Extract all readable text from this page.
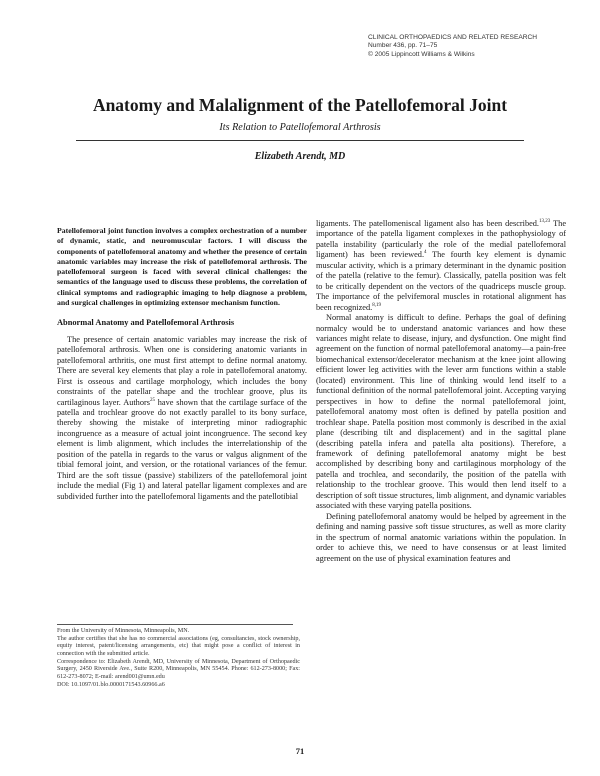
CLINICAL ORTHOPAEDICS AND RELATED RESEARCH
Number 436, pp. 71–75
© 2005 Lippincott Williams & Wilkins
Anatomy and Malalignment of the Patellofemoral Joint
Its Relation to Patellofemoral Arthrosis
Elizabeth Arendt, MD
Patellofemoral joint function involves a complex orchestration of a number of dynamic, static, and neuromuscular factors. I will discuss the components of patellofemoral anatomy and whether the presence of certain anatomic variables may increase the risk of patellofemoral arthrosis. The patellofemoral surgeon is faced with several clinical challenges: the semantics of the language used to discuss these problems, the correlation of clinical symptoms and radiographic imaging to help diagnose a problem, and surgical challenges in optimizing extensor mechanism function.
Abnormal Anatomy and Patellofemoral Arthrosis
The presence of certain anatomic variables may increase the risk of patellofemoral arthrosis. When one is considering anatomic variants in patellofemoral arthritis, one must first attempt to define normal anatomy. There are several key elements that play a role in patellofemoral anatomy. First is osseous and cartilage morphology, which includes the bony constraints of the patellar shape and the trochlear groove, plus its cartilaginous layer. Authors$^{25}$ have shown that the cartilage surface of the patella and trochlear groove do not exactly parallel to its bony surface, thereby showing the mistake of interpreting minor radiographic incongruence as a measure of actual joint incongruence. The second key element is limb alignment, which includes the interrelationship of the position of the patella in regards to the varus or valgus alignment of the tibial femoral joint, and version, or the rotational variances of the femur. Third are the soft tissue (passive) stabilizers of the patellofemoral joint include the medial (Fig 1) and lateral patellar ligament complexes and are subdivided further into the patellofemoral ligaments and the patellotibial
ligaments. The patellomeniscal ligament also has been described.$^{13,23}$ The importance of the patella ligament complexes in the pathophysiology of patella instability (particularly the role of the medial patellofemoral ligament) has been reviewed.$^4$ The fourth key element is dynamic muscular activity, which is a primary determinant in the dynamic position of the patella (relative to the femur). Classically, patella position was felt to be critically dependent on the vectors of the quadriceps muscle group. The importance of the pelvifemoral muscles in rotational alignment has been recognized.$^{8,19}$
Normal anatomy is difficult to define. Perhaps the goal of defining normalcy would be to understand anatomic variances and how these variances might relate to disease, injury, and dysfunction. One might find agreement on the function of normal patellofemoral anatomy—a pain-free biomechanical extensor/decelerator mechanism at the knee joint allowing efficient lower leg activities with the lever arm functions within a stable (located) environment. This line of thinking would lend itself to a functional definition of the normal patellofemoral joint. Accepting varying perspectives in how to define the normal patellofemoral joint, patellofemoral anatomy most often is defined by patella position and trochlear shape. Patella position most commonly is described in the axial plane (describing tilt and displacement) and in the sagittal plane (describing patella infera and patella alta positions). Therefore, a framework of defining patellofemoral anatomy might be best accomplished by describing bony and cartilaginous morphology of the patella and trochlea, and secondarily, the position of the patella with relationship to the trochlear groove. This would then lend itself to a description of soft tissue structures, limb alignment, and dynamic variables associated with these varying patella positions.
Defining patellofemoral anatomy would be helped by agreement in the defining and naming passive soft tissue structures, as well as more clarity in the spectrum of normal anatomic variations within the population. In order to achieve this, we need to have consensus or at least limited agreement on the use of physical examination features and
From the University of Minnesota, Minneapolis, MN.
The author certifies that she has no commercial associations (eg, consultancies, stock ownership, equity interest, patent/licensing arrangements, etc) that might pose a conflict of interest in connection with the submitted article.
Correspondence to: Elizabeth Arendt, MD, University of Minnesota, Department of Orthopaedic Surgery, 2450 Riverside Ave., Suite R200, Minneapolis, MN 55454. Phone: 612-273-8000; Fax: 612-273-8072; E-mail: arend001@umn.edu
DOI: 10.1097/01.blo.0000171543.60966.a6
71
